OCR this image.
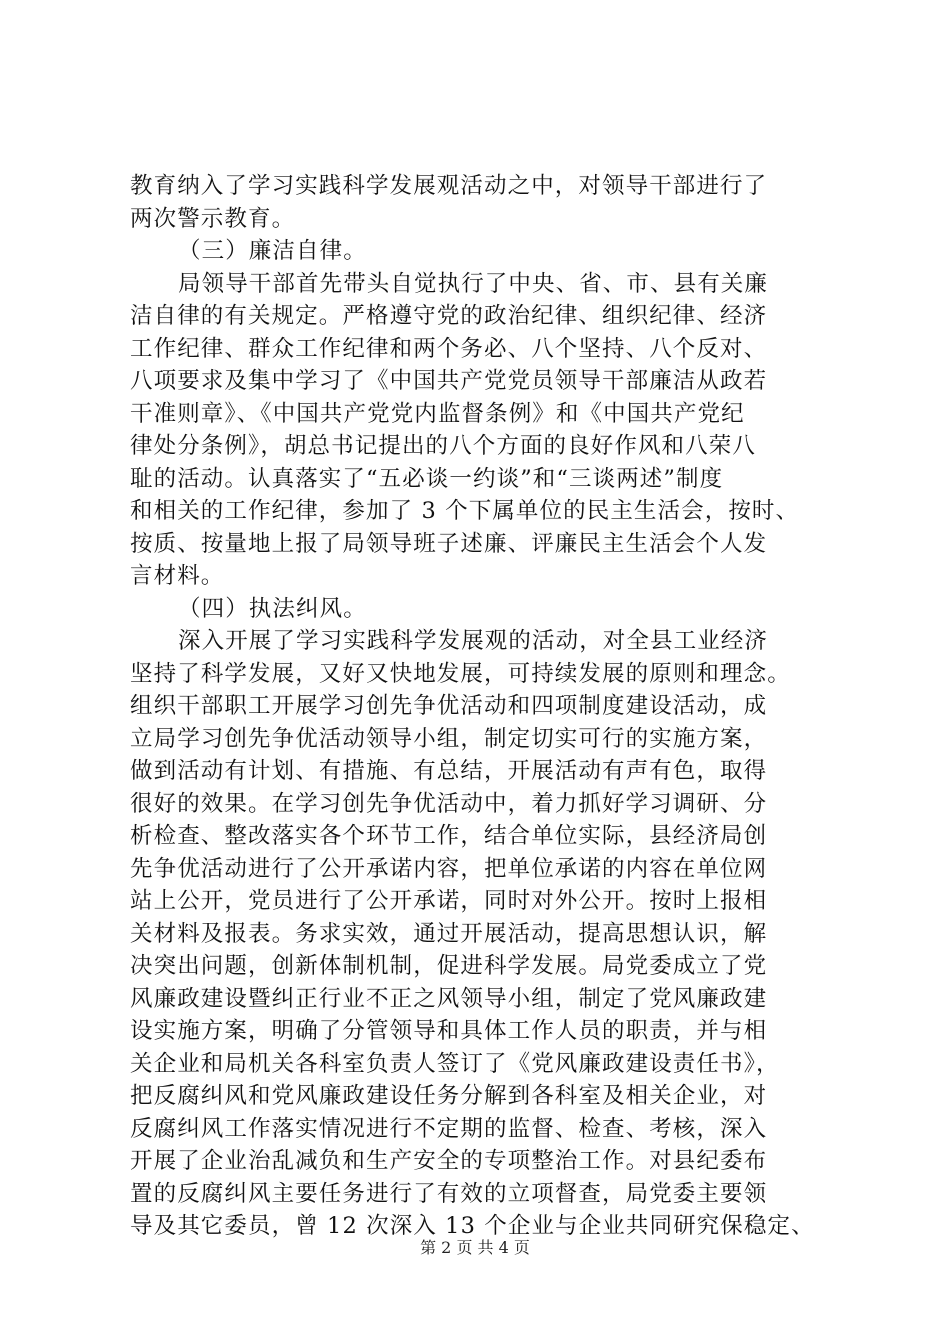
教育纳入了学习实践科学发展观活动之中，对领导干部进行了
两次警示教育。
（三）廉洁自律。
局领导干部首先带头自觉执行了中央、省、市、县有关廉
洁自律的有关规定。严格遵守党的政治纪律、组织纪律、经济
工作纪律、群众工作纪律和两个务必、八个坚持、八个反对、
八项要求及集中学习了《中国共产党党员领导干部廉洁从政若
干准则章》、《中国共产党党内监督条例》和《中国共产党纪
律处分条例》，胡总书记提出的八个方面的良好作风和八荣八
耻的活动。认真落实了“五必谈一约谈”和“三谈两述”制度
和相关的工作纪律，参加了 3 个下属单位的民主生活会，按时、
按质、按量地上报了局领导班子述廉、评廉民主生活会个人发
言材料。
（四）执法纠风。
深入开展了学习实践科学发展观的活动，对全县工业经济
坚持了科学发展，又好又快地发展，可持续发展的原则和理念。
组织干部职工开展学习创先争优活动和四项制度建设活动，成
立局学习创先争优活动领导小组，制定切实可行的实施方案，
做到活动有计划、有措施、有总结，开展活动有声有色，取得
很好的效果。在学习创先争优活动中，着力抓好学习调研、分
析检查、整改落实各个环节工作，结合单位实际，县经济局创
先争优活动进行了公开承诺内容，把单位承诺的内容在单位网
站上公开，党员进行了公开承诺，同时对外公开。按时上报相
关材料及报表。务求实效，通过开展活动，提高思想认识，解
决突出问题，创新体制机制，促进科学发展。局党委成立了党
风廉政建设暨纠正行业不正之风领导小组，制定了党风廉政建
设实施方案，明确了分管领导和具体工作人员的职责，并与相
关企业和局机关各科室负责人签订了《党风廉政建设责任书》，
把反腐纠风和党风廉政建设任务分解到各科室及相关企业，对
反腐纠风工作落实情况进行不定期的监督、检查、考核，深入
开展了企业治乱减负和生产安全的专项整治工作。对县纪委布
置的反腐纠风主要任务进行了有效的立项督查，局党委主要领
导及其它委员，曾 12 次深入 13 个企业与企业共同研究保稳定、
第 2 页 共 4 页
